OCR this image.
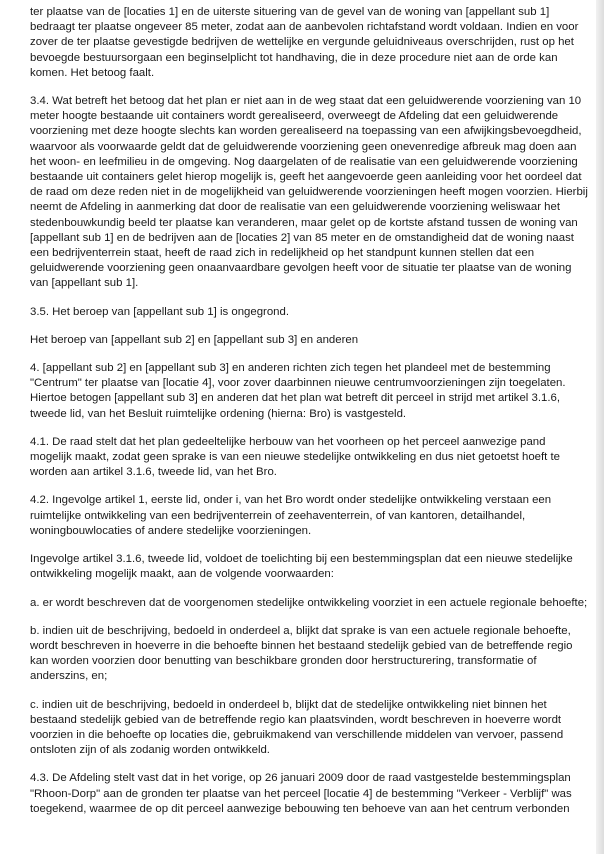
ter plaatse van de [locaties 1] en de uiterste situering van de gevel van de woning van [appellant sub 1] bedraagt ter plaatse ongeveer 85 meter, zodat aan de aanbevolen richtafstand wordt voldaan. Indien en voor zover de ter plaatse gevestigde bedrijven de wettelijke en vergunde geluidniveaus overschrijden, rust op het bevoegde bestuursorgaan een beginselplicht tot handhaving, die in deze procedure niet aan de orde kan komen. Het betoog faalt.

3.4. Wat betreft het betoog dat het plan er niet aan in de weg staat dat een geluidwerende voorziening van 10 meter hoogte bestaande uit containers wordt gerealiseerd, overweegt de Afdeling dat een geluidwerende voorziening met deze hoogte slechts kan worden gerealiseerd na toepassing van een afwijkingsbevoegdheid, waarvoor als voorwaarde geldt dat de geluidwerende voorziening geen onevenredige afbreuk mag doen aan het woon- en leefmilieu in de omgeving. Nog daargelaten of de realisatie van een geluidwerende voorziening bestaande uit containers gelet hierop mogelijk is, geeft het aangevoerde geen aanleiding voor het oordeel dat de raad om deze reden niet in de mogelijkheid van geluidwerende voorzieningen heeft mogen voorzien. Hierbij neemt de Afdeling in aanmerking dat door de realisatie van een geluidwerende voorziening weliswaar het stedenbouwkundig beeld ter plaatse kan veranderen, maar gelet op de kortste afstand tussen de woning van [appellant sub 1] en de bedrijven aan de [locaties 2] van 85 meter en de omstandigheid dat de woning naast een bedrijventerrein staat, heeft de raad zich in redelijkheid op het standpunt kunnen stellen dat een geluidwerende voorziening geen onaanvaardbare gevolgen heeft voor de situatie ter plaatse van de woning van [appellant sub 1].

3.5. Het beroep van [appellant sub 1] is ongegrond.

Het beroep van [appellant sub 2] en [appellant sub 3] en anderen

4. [appellant sub 2] en [appellant sub 3] en anderen richten zich tegen het plandeel met de bestemming "Centrum" ter plaatse van [locatie 4], voor zover daarbinnen nieuwe centrumvoorzieningen zijn toegelaten. Hiertoe betogen [appellant sub 3] en anderen dat het plan wat betreft dit perceel in strijd met artikel 3.1.6, tweede lid, van het Besluit ruimtelijke ordening (hierna: Bro) is vastgesteld.

4.1. De raad stelt dat het plan gedeeltelijke herbouw van het voorheen op het perceel aanwezige pand mogelijk maakt, zodat geen sprake is van een nieuwe stedelijke ontwikkeling en dus niet getoetst hoeft te worden aan artikel 3.1.6, tweede lid, van het Bro.

4.2. Ingevolge artikel 1, eerste lid, onder i, van het Bro wordt onder stedelijke ontwikkeling verstaan een ruimtelijke ontwikkeling van een bedrijventerrein of zeehaventerrein, of van kantoren, detailhandel, woningbouwlocaties of andere stedelijke voorzieningen.

Ingevolge artikel 3.1.6, tweede lid, voldoet de toelichting bij een bestemmingsplan dat een nieuwe stedelijke ontwikkeling mogelijk maakt, aan de volgende voorwaarden:

a. er wordt beschreven dat de voorgenomen stedelijke ontwikkeling voorziet in een actuele regionale behoefte;

b. indien uit de beschrijving, bedoeld in onderdeel a, blijkt dat sprake is van een actuele regionale behoefte, wordt beschreven in hoeverre in die behoefte binnen het bestaand stedelijk gebied van de betreffende regio kan worden voorzien door benutting van beschikbare gronden door herstructurering, transformatie of anderszins, en;

c. indien uit de beschrijving, bedoeld in onderdeel b, blijkt dat de stedelijke ontwikkeling niet binnen het bestaand stedelijk gebied van de betreffende regio kan plaatsvinden, wordt beschreven in hoeverre wordt voorzien in die behoefte op locaties die, gebruikmakend van verschillende middelen van vervoer, passend ontsloten zijn of als zodanig worden ontwikkeld.

4.3. De Afdeling stelt vast dat in het vorige, op 26 januari 2009 door de raad vastgestelde bestemmingsplan "Rhoon-Dorp" aan de gronden ter plaatse van het perceel [locatie 4] de bestemming "Verkeer - Verblijf" was toegekend, waarmee de op dit perceel aanwezige bebouwing ten behoeve van aan het centrum verbonden
